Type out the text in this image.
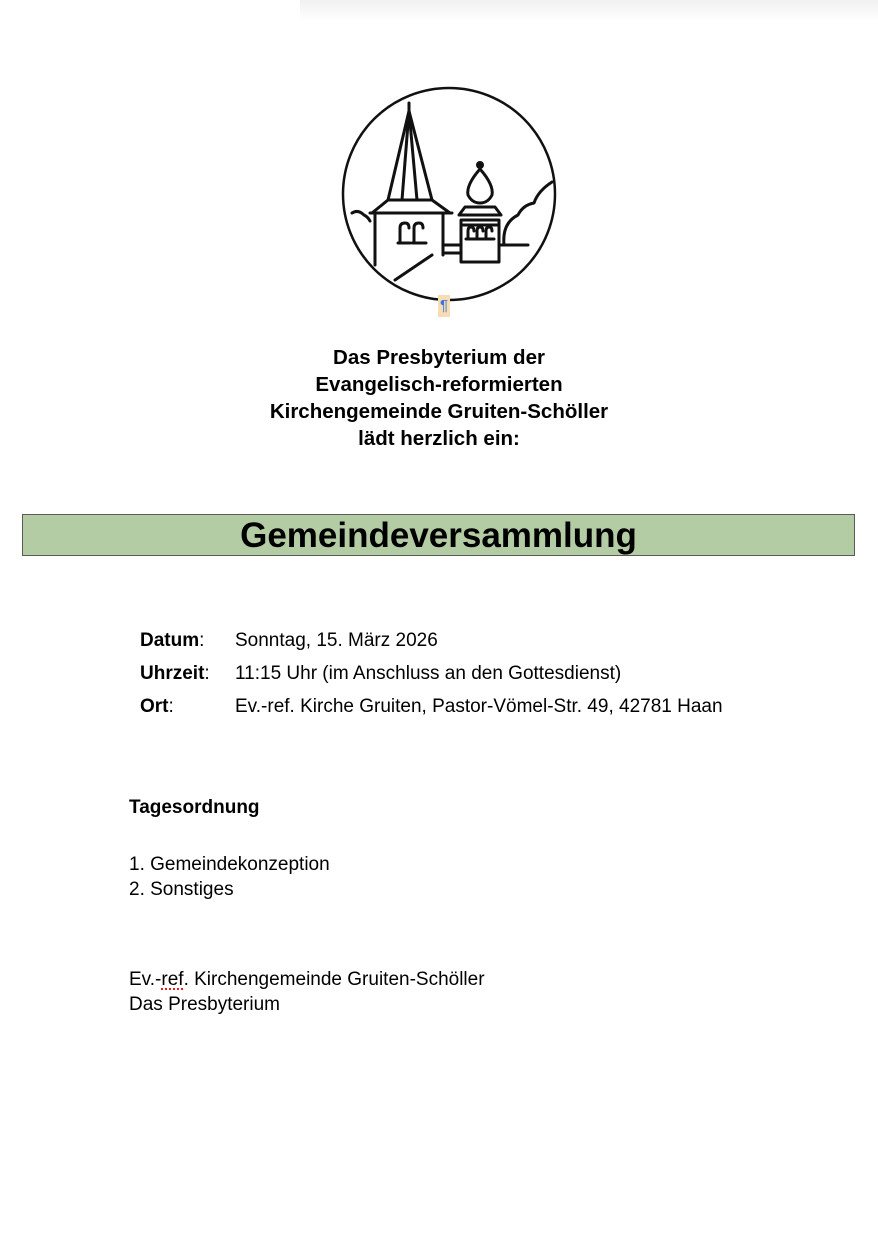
¶
Das Presbyterium der
Evangelisch-reformierten
Kirchengemeinde Gruiten-Schöller
lädt herzlich ein:
Gemeindeversammlung
Datum:	Sonntag, 15. März 2026
Uhrzeit:	11:15 Uhr (im Anschluss an den Gottesdienst)
Ort:	Ev.-ref. Kirche Gruiten, Pastor-Vömel-Str. 49, 42781 Haan
Tagesordnung
1. Gemeindekonzeption
2. Sonstiges
Ev.-ref. Kirchengemeinde Gruiten-Schöller
Das Presbyterium
